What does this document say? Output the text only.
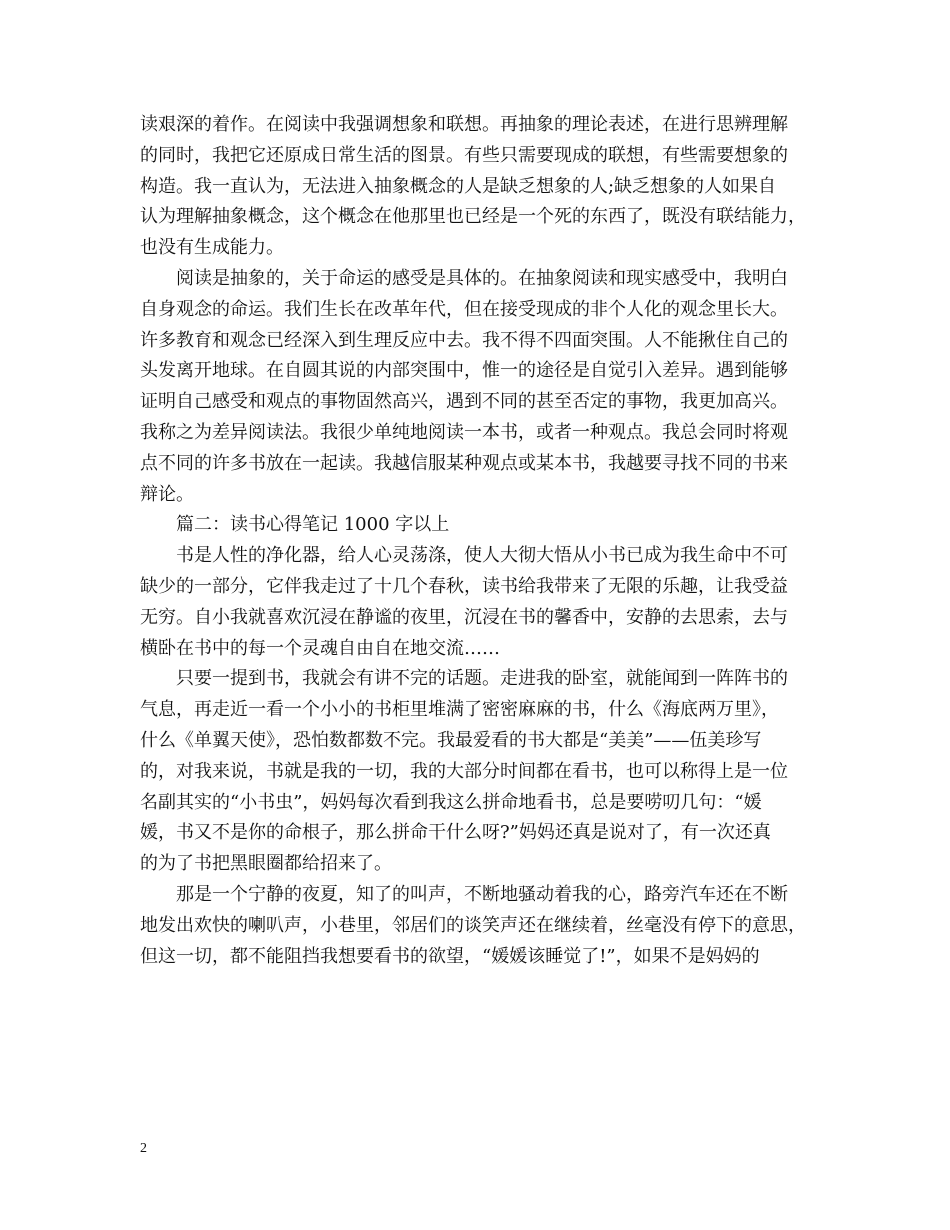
读艰深的着作。在阅读中我强调想象和联想。再抽象的理论表述，在进行思辨理解
的同时，我把它还原成日常生活的图景。有些只需要现成的联想，有些需要想象的
构造。我一直认为，无法进入抽象概念的人是缺乏想象的人;缺乏想象的人如果自
认为理解抽象概念，这个概念在他那里也已经是一个死的东西了，既没有联结能力，
也没有生成能力。
阅读是抽象的，关于命运的感受是具体的。在抽象阅读和现实感受中，我明白
自身观念的命运。我们生长在改革年代，但在接受现成的非个人化的观念里长大。
许多教育和观念已经深入到生理反应中去。我不得不四面突围。人不能揪住自己的
头发离开地球。在自圆其说的内部突围中，惟一的途径是自觉引入差异。遇到能够
证明自己感受和观点的事物固然高兴，遇到不同的甚至否定的事物，我更加高兴。
我称之为差异阅读法。我很少单纯地阅读一本书，或者一种观点。我总会同时将观
点不同的许多书放在一起读。我越信服某种观点或某本书，我越要寻找不同的书来
辩论。
篇二：读书心得笔记 1000 字以上
书是人性的净化器，给人心灵荡涤，使人大彻大悟从小书已成为我生命中不可
缺少的一部分，它伴我走过了十几个春秋，读书给我带来了无限的乐趣，让我受益
无穷。自小我就喜欢沉浸在静谧的夜里，沉浸在书的馨香中，安静的去思索，去与
横卧在书中的每一个灵魂自由自在地交流……
只要一提到书，我就会有讲不完的话题。走进我的卧室，就能闻到一阵阵书的
气息，再走近一看一个小小的书柜里堆满了密密麻麻的书，什么《海底两万里》，
什么《单翼天使》，恐怕数都数不完。我最爱看的书大都是“美美”——伍美珍写
的，对我来说，书就是我的一切，我的大部分时间都在看书，也可以称得上是一位
名副其实的“小书虫”，妈妈每次看到我这么拼命地看书，总是要唠叨几句：“媛
媛，书又不是你的命根子，那么拼命干什么呀?”妈妈还真是说对了，有一次还真
的为了书把黑眼圈都给招来了。
那是一个宁静的夜夏，知了的叫声，不断地骚动着我的心，路旁汽车还在不断
地发出欢快的喇叭声，小巷里，邻居们的谈笑声还在继续着，丝毫没有停下的意思，
但这一切，都不能阻挡我想要看书的欲望，“媛媛该睡觉了!”，如果不是妈妈的
2
